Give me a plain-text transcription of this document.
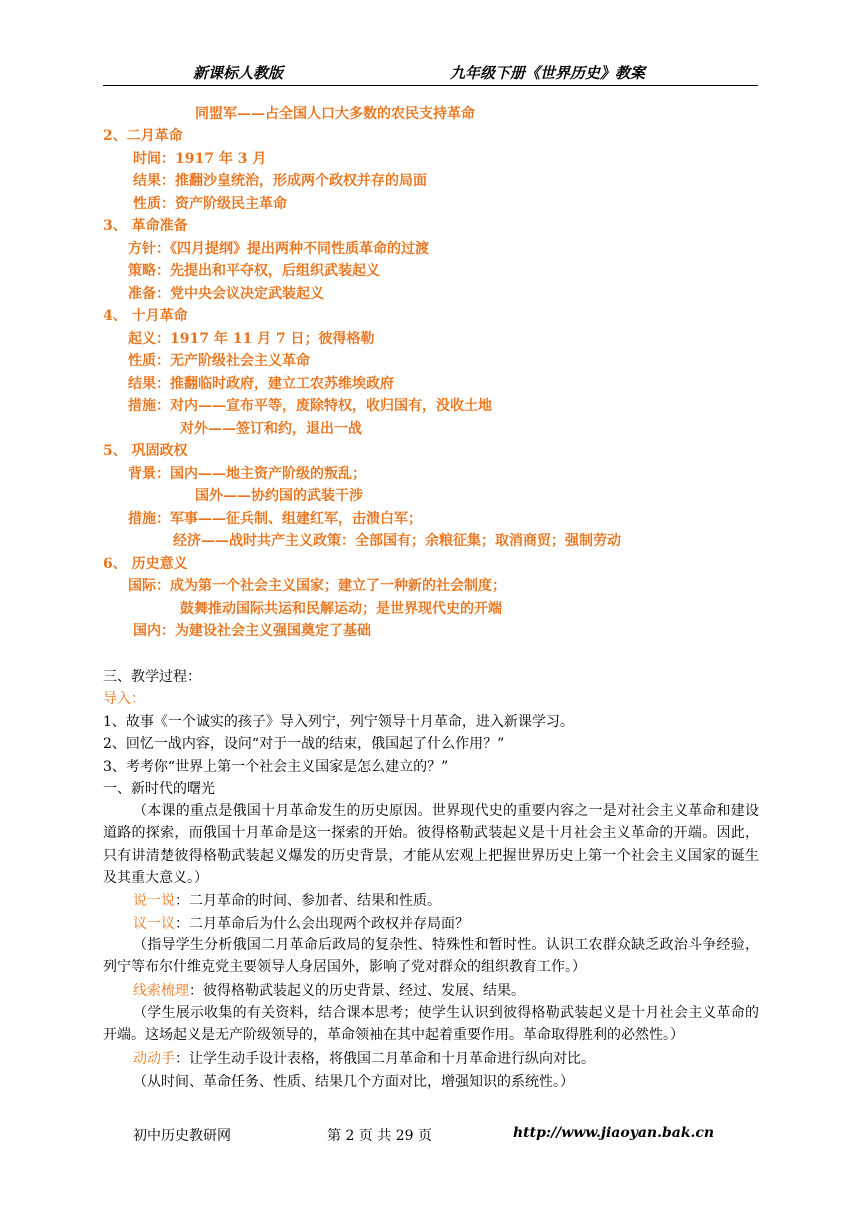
新课标人教版	九年级下册《世界历史》教案
同盟军——占全国人口大多数的农民支持革命
2、二月革命
时间：1917 年 3 月
结果：推翻沙皇统治，形成两个政权并存的局面
性质：资产阶级民主革命
3、 革命准备
方针：《四月提纲》提出两种不同性质革命的过渡
策略：先提出和平夺权，后组织武装起义
准备：党中央会议决定武装起义
4、 十月革命
起义：1917 年 11 月 7 日；彼得格勒
性质：无产阶级社会主义革命
结果：推翻临时政府，建立工农苏维埃政府
措施：对内——宣布平等，废除特权，收归国有，没收土地
对外——签订和约，退出一战
5、 巩固政权
背景：国内——地主资产阶级的叛乱；
国外——协约国的武装干涉
措施：军事——征兵制、组建红军，击溃白军；
经济——战时共产主义政策：全部国有；余粮征集；取消商贸；强制劳动
6、 历史意义
国际：成为第一个社会主义国家；建立了一种新的社会制度；
鼓舞推动国际共运和民解运动；是世界现代史的开端
国内：为建设社会主义强国奠定了基础
三、教学过程：
导入：
1、故事《一个诚实的孩子》导入列宁，列宁领导十月革命，进入新课学习。
2、回忆一战内容，设问“对于一战的结束，俄国起了什么作用？”
3、考考你“世界上第一个社会主义国家是怎么建立的？”
一、新时代的曙光
（本课的重点是俄国十月革命发生的历史原因。世界现代史的重要内容之一是对社会主义革命和建设道路的探索，而俄国十月革命是这一探索的开始。彼得格勒武装起义是十月社会主义革命的开端。因此，只有讲清楚彼得格勒武装起义爆发的历史背景，才能从宏观上把握世界历史上第一个社会主义国家的诞生及其重大意义。）
说一说：二月革命的时间、参加者、结果和性质。
议一议：二月革命后为什么会出现两个政权并存局面？
（指导学生分析俄国二月革命后政局的复杂性、特殊性和暂时性。认识工农群众缺乏政治斗争经验，列宁等布尔什维克党主要领导人身居国外，影响了党对群众的组织教育工作。）
线索梳理：彼得格勒武装起义的历史背景、经过、发展、结果。
（学生展示收集的有关资料，结合课本思考；使学生认识到彼得格勒武装起义是十月社会主义革命的开端。这场起义是无产阶级领导的，革命领袖在其中起着重要作用。革命取得胜利的必然性。）
动动手：让学生动手设计表格，将俄国二月革命和十月革命进行纵向对比。
（从时间、革命任务、性质、结果几个方面对比，增强知识的系统性。）
初中历史教研网	第 2 页 共 29 页	http://www.jiaoyan.bak.cn
